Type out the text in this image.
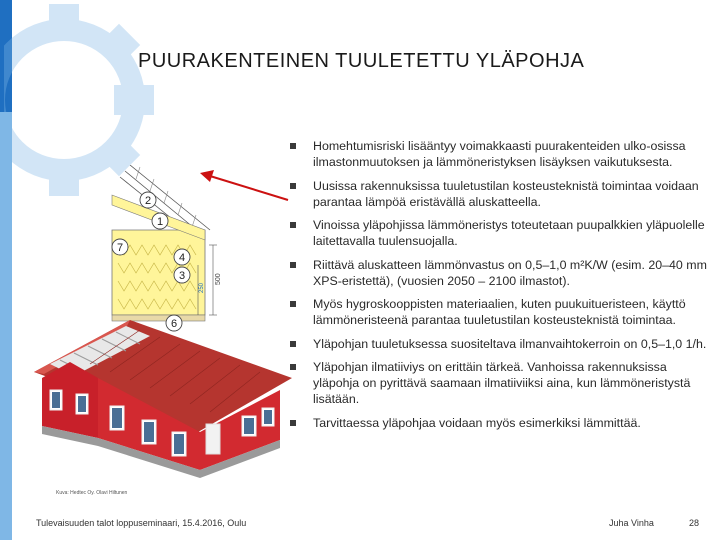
PUURAKENTEINEN TUULETETTU YLÄPOHJA
500
250
2
1
7
4
3
6
Kuva: Hedtec Oy. Olavi Hiltunen
Homehtumisriski lisääntyy voimakkaasti puurakenteiden ulko-osissa ilmastonmuutoksen ja lämmöneristyksen lisäyksen vaikutuksesta.
Uusissa rakennuksissa tuuletustilan kosteusteknistä toimintaa voidaan parantaa lämpöä eristävällä aluskatteella.
Vinoissa yläpohjissa lämmöneristys toteutetaan puupalkkien yläpuolelle laitettavalla tuulensuojalla.
Riittävä aluskatteen lämmönvastus on 0,5–1,0 m²K/W (esim. 20–40 mm XPS-eristettä), (vuosien 2050 – 2100 ilmastot).
Myös hygroskooppisten materiaalien, kuten puukuitueristeen, käyttö lämmöneristeenä parantaa tuuletustilan kosteusteknistä toimintaa.
Yläpohjan tuuletuksessa suositeltava ilmanvaihtokerroin on 0,5–1,0 1/h.
Yläpohjan ilmatiiviys on erittäin tärkeä. Vanhoissa rakennuksissa yläpohja on pyrittävä saamaan ilmatiiviiksi aina, kun lämmöneristystä lisätään.
Tarvittaessa yläpohjaa voidaan myös esimerkiksi lämmittää.
Tulevaisuuden talot loppuseminaari, 15.4.2016, Oulu	Juha Vinha	28
